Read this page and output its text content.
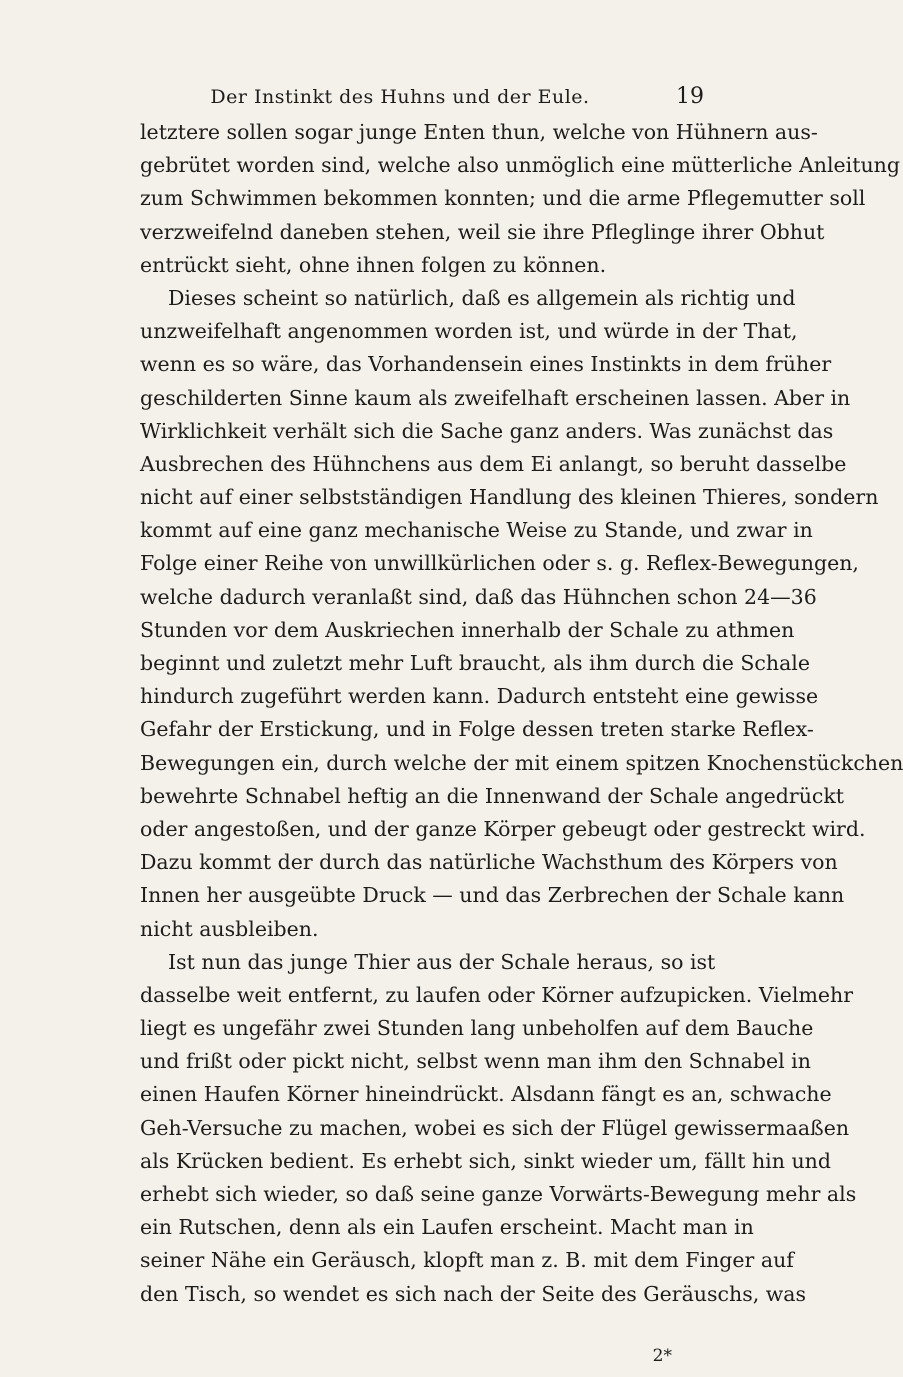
Der Instinkt des Huhns und der Eule.	19
letztere sollen sogar junge Enten thun, welche von Hühnern aus-
gebrütet worden sind, welche also unmöglich eine mütterliche Anleitung
zum Schwimmen bekommen konnten; und die arme Pflegemutter soll
verzweifelnd daneben stehen, weil sie ihre Pfleglinge ihrer Obhut
entrückt sieht, ohne ihnen folgen zu können.
Dieses scheint so natürlich, daß es allgemein als richtig und
unzweifelhaft angenommen worden ist, und würde in der That,
wenn es so wäre, das Vorhandensein eines Instinkts in dem früher
geschilderten Sinne kaum als zweifelhaft erscheinen lassen. Aber in
Wirklichkeit verhält sich die Sache ganz anders. Was zunächst das
Ausbrechen des Hühnchens aus dem Ei anlangt, so beruht dasselbe
nicht auf einer selbstständigen Handlung des kleinen Thieres, sondern
kommt auf eine ganz mechanische Weise zu Stande, und zwar in
Folge einer Reihe von unwillkürlichen oder s. g. Reflex-Bewegungen,
welche dadurch veranlaßt sind, daß das Hühnchen schon 24—36
Stunden vor dem Auskriechen innerhalb der Schale zu athmen
beginnt und zuletzt mehr Luft braucht, als ihm durch die Schale
hindurch zugeführt werden kann. Dadurch entsteht eine gewisse
Gefahr der Erstickung, und in Folge dessen treten starke Reflex-
Bewegungen ein, durch welche der mit einem spitzen Knochenstückchen
bewehrte Schnabel heftig an die Innenwand der Schale angedrückt
oder angestoßen, und der ganze Körper gebeugt oder gestreckt wird.
Dazu kommt der durch das natürliche Wachsthum des Körpers von
Innen her ausgeübte Druck — und das Zerbrechen der Schale kann
nicht ausbleiben.
Ist nun das junge Thier aus der Schale heraus, so ist
dasselbe weit entfernt, zu laufen oder Körner aufzupicken. Vielmehr
liegt es ungefähr zwei Stunden lang unbeholfen auf dem Bauche
und frißt oder pickt nicht, selbst wenn man ihm den Schnabel in
einen Haufen Körner hineindrückt. Alsdann fängt es an, schwache
Geh-Versuche zu machen, wobei es sich der Flügel gewissermaaßen
als Krücken bedient. Es erhebt sich, sinkt wieder um, fällt hin und
erhebt sich wieder, so daß seine ganze Vorwärts-Bewegung mehr als
ein Rutschen, denn als ein Laufen erscheint. Macht man in
seiner Nähe ein Geräusch, klopft man z. B. mit dem Finger auf
den Tisch, so wendet es sich nach der Seite des Geräuschs, was
2*
